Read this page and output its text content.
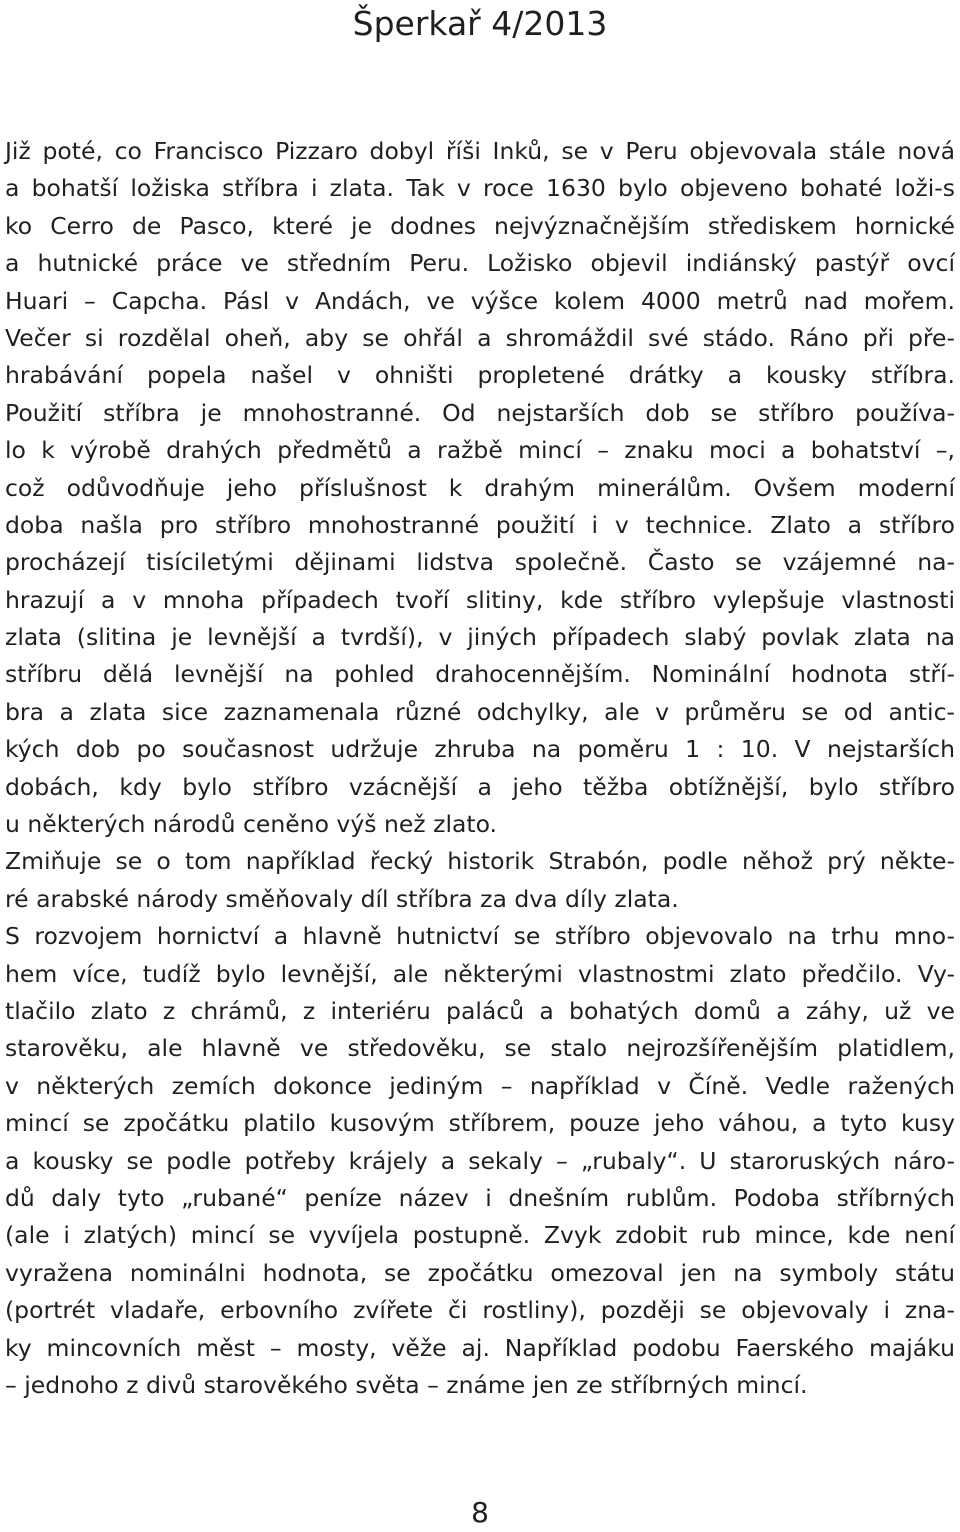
Šperkař 4/2013
Již poté, co Francisco Pizzaro dobyl říši Inků, se v Peru objevovala stále nová
a bohatší ložiska stříbra i zlata. Tak v roce 1630 bylo objeveno bohaté loži-s
ko Cerro de Pasco, které je dodnes nejvýznačnějším střediskem hornické
a hutnické práce ve středním Peru. Ložisko objevil indiánský pastýř ovcí
Huari – Capcha. Pásl v Andách, ve výšce kolem 4000 metrů nad mořem.
Večer si rozdělal oheň, aby se ohřál a shromáždil své stádo. Ráno při pře-
hrabávání popela našel v ohništi propletené drátky a kousky stříbra.
Použití stříbra je mnohostranné. Od nejstarších dob se stříbro používa-
lo k výrobě drahých předmětů a ražbě mincí – znaku moci a bohatství –,
což odůvodňuje jeho příslušnost k drahým minerálům. Ovšem moderní
doba našla pro stříbro mnohostranné použití i v technice. Zlato a stříbro
procházejí tisíciletými dějinami lidstva společně. Často se vzájemné na-
hrazují a v mnoha případech tvoří slitiny, kde stříbro vylepšuje vlastnosti
zlata (slitina je levnější a tvrdší), v jiných případech slabý povlak zlata na
stříbru dělá levnější na pohled drahocennějším. Nominální hodnota stří-
bra a zlata sice zaznamenala různé odchylky, ale v průměru se od antic-
kých dob po současnost udržuje zhruba na poměru 1 : 10. V nejstarších
dobách, kdy bylo stříbro vzácnější a jeho těžba obtížnější, bylo stříbro
u některých národů ceněno výš než zlato.
Zmiňuje se o tom například řecký historik Strabón, podle něhož prý někte-
ré arabské národy směňovaly díl stříbra za dva díly zlata.
S rozvojem hornictví a hlavně hutnictví se stříbro objevovalo na trhu mno-
hem více, tudíž bylo levnější, ale některými vlastnostmi zlato předčilo. Vy-
tlačilo zlato z chrámů, z interiéru paláců a bohatých domů a záhy, už ve
starověku, ale hlavně ve středověku, se stalo nejrozšířenějším platidlem,
v některých zemích dokonce jediným – například v Číně. Vedle ražených
mincí se zpočátku platilo kusovým stříbrem, pouze jeho váhou, a tyto kusy
a kousky se podle potřeby krájely a sekaly – „rubaly“. U staroruských náro-
dů daly tyto „rubané“ peníze název i dnešním rublům. Podoba stříbrných
(ale i zlatých) mincí se vyvíjela postupně. Zvyk zdobit rub mince, kde není
vyražena nominálni hodnota, se zpočátku omezoval jen na symboly státu
(portrét vladaře, erbovního zvířete či rostliny), později se objevovaly i zna-
ky mincovních měst – mosty, věže aj. Například podobu Faerského majáku
– jednoho z divů starověkého světa – známe jen ze stříbrných mincí.
8
